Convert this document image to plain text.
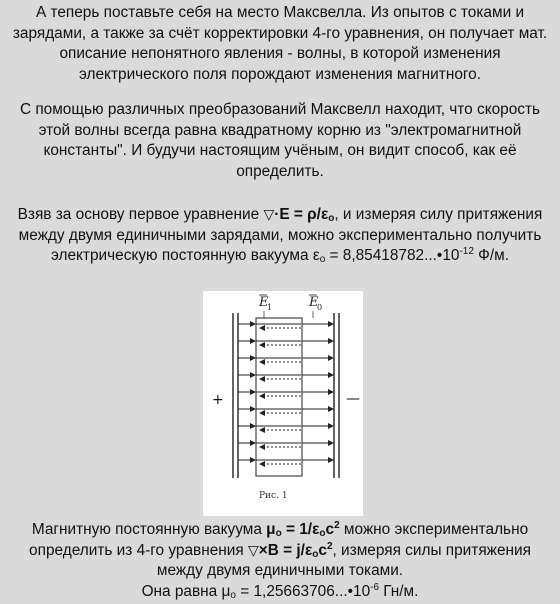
А теперь поставьте себя на место Максвелла. Из опытов с токами и зарядами, а также за счёт корректировки 4-го уравнения, он получает мат. описание непонятного явления - волны, в которой изменения электрического поля порождают изменения магнитного.
С помощью различных преобразований Максвелл находит, что скорость этой волны всегда равна квадратному корню из "электромагнитной константы". И будучи настоящим учёным, он видит способ, как её определить.
Взяв за основу первое уравнение ▽·E = $\rho/\varepsilon_o$, и измеряя силу притяжения между двумя единичными зарядами, можно экспериментально получить электрическую постоянную вакуума $\varepsilon_o$ = $8,85418782...•10^{-12}$ Ф/м.
E
1	E
0
+	—
Рис. 1
Магнитную постоянную вакуума $\mu_o = 1/\varepsilon_oc^2$ можно экспериментально определить из 4-го уравнения ▽×B = $j/\varepsilon_oc^2$, измеряя силы притяжения между двумя единичными токами.
Она равна $\mu_o$ = $1,25663706...•10^{-6}$ Гн/м.
